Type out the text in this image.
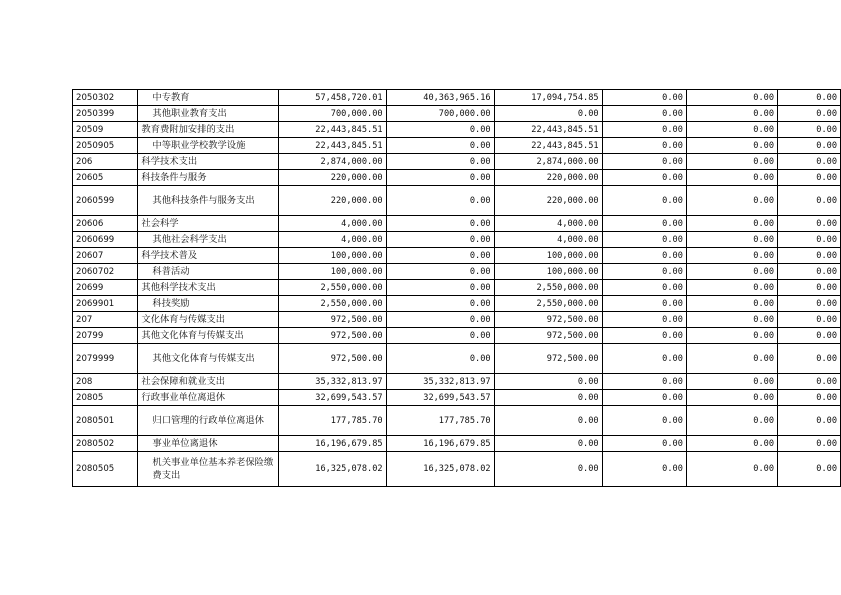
2050302	中专教育	57,458,720.01	40,363,965.16	17,094,754.85	0.00	0.00	0.00
2050399	其他职业教育支出	700,000.00	700,000.00	0.00	0.00	0.00	0.00
20509	教育费附加安排的支出	22,443,845.51	0.00	22,443,845.51	0.00	0.00	0.00
2050905	中等职业学校教学设施	22,443,845.51	0.00	22,443,845.51	0.00	0.00	0.00
206	科学技术支出	2,874,000.00	0.00	2,874,000.00	0.00	0.00	0.00
20605	科技条件与服务	220,000.00	0.00	220,000.00	0.00	0.00	0.00
2060599	其他科技条件与服务支出	220,000.00	0.00	220,000.00	0.00	0.00	0.00
20606	社会科学	4,000.00	0.00	4,000.00	0.00	0.00	0.00
2060699	其他社会科学支出	4,000.00	0.00	4,000.00	0.00	0.00	0.00
20607	科学技术普及	100,000.00	0.00	100,000.00	0.00	0.00	0.00
2060702	科普活动	100,000.00	0.00	100,000.00	0.00	0.00	0.00
20699	其他科学技术支出	2,550,000.00	0.00	2,550,000.00	0.00	0.00	0.00
2069901	科技奖励	2,550,000.00	0.00	2,550,000.00	0.00	0.00	0.00
207	文化体育与传媒支出	972,500.00	0.00	972,500.00	0.00	0.00	0.00
20799	其他文化体育与传媒支出	972,500.00	0.00	972,500.00	0.00	0.00	0.00
2079999	其他文化体育与传媒支出	972,500.00	0.00	972,500.00	0.00	0.00	0.00
208	社会保障和就业支出	35,332,813.97	35,332,813.97	0.00	0.00	0.00	0.00
20805	行政事业单位离退休	32,699,543.57	32,699,543.57	0.00	0.00	0.00	0.00
2080501	归口管理的行政单位离退休	177,785.70	177,785.70	0.00	0.00	0.00	0.00
2080502	事业单位离退休	16,196,679.85	16,196,679.85	0.00	0.00	0.00	0.00
2080505	机关事业单位基本养老保险缴费支出	16,325,078.02	16,325,078.02	0.00	0.00	0.00	0.00
